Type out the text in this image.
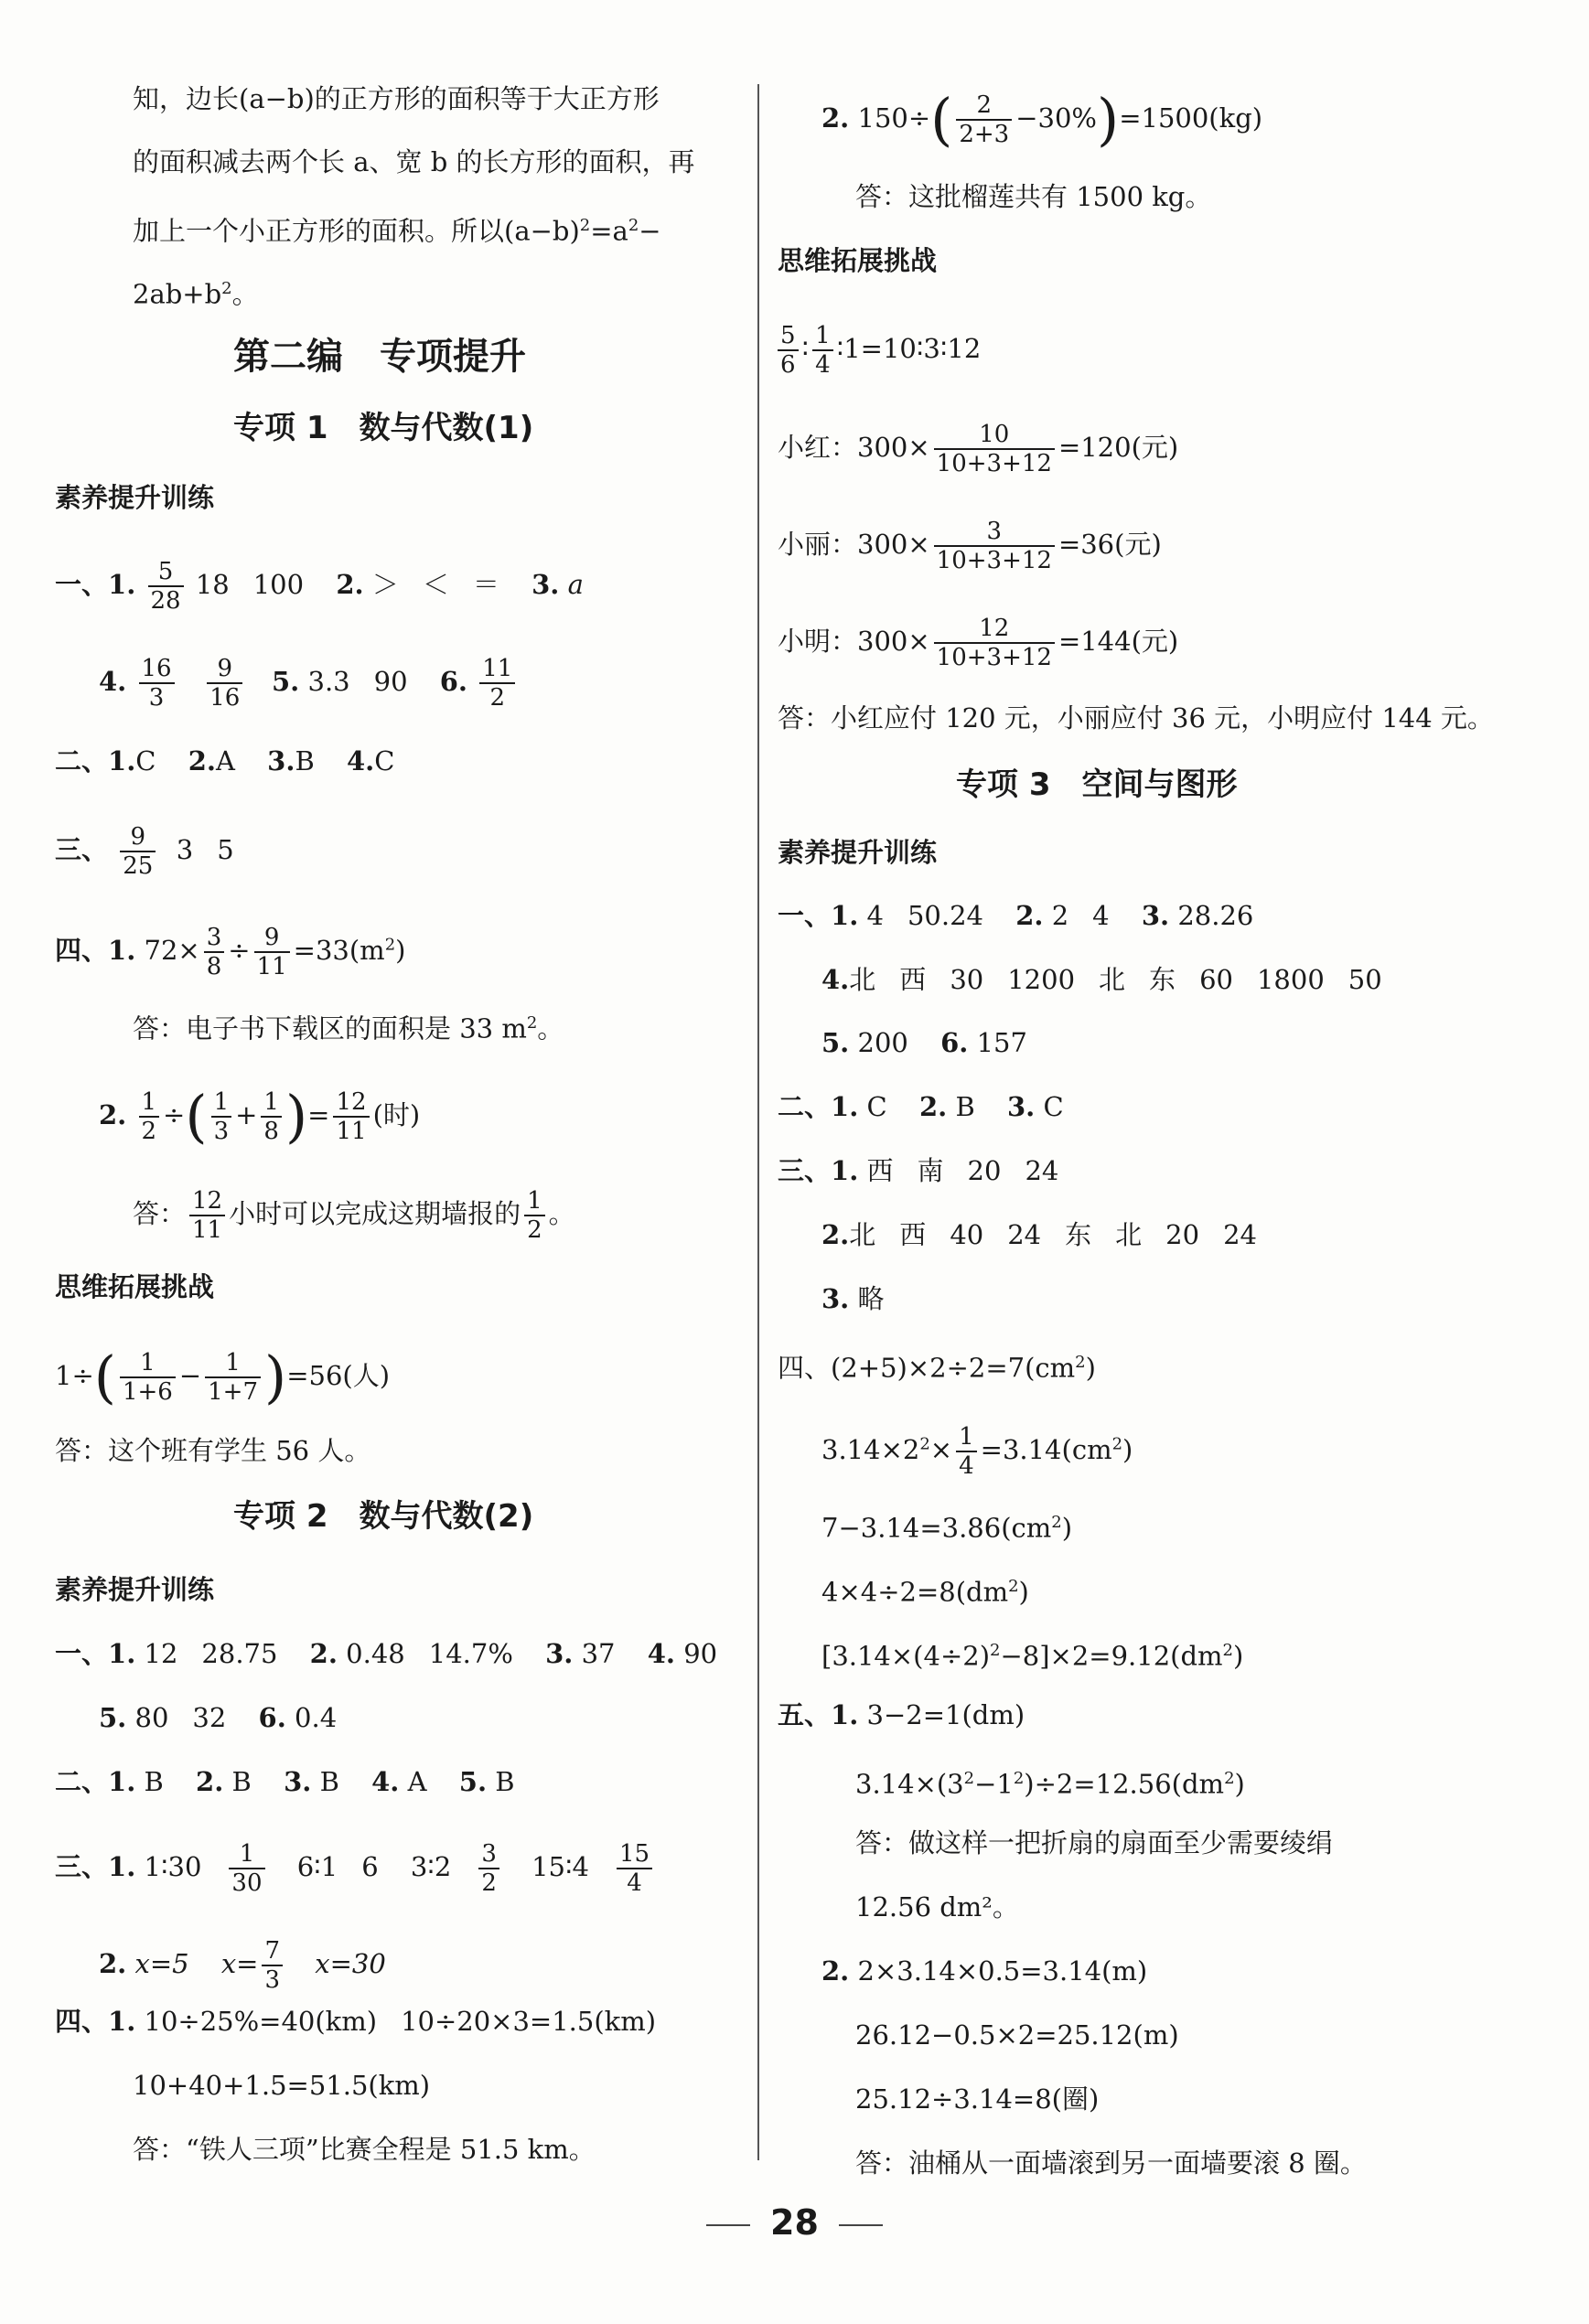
知，边长(a−b)的正方形的面积等于大正方形
的面积减去两个长 a、宽 b 的长方形的面积，再
加上一个小正方形的面积。所以$(a-b)^2=a^2-$
$2ab+b^2$。
第二编　专项提升
专项 1　数与代数(1)
素养提升训练
一、1. $\frac{5}{28} 18$ 100 2. ＞ ＜ ＝ 3. a
4. $\frac{16}{3}$
$\frac{9}{16} 5$. 3.3 90 6. $\frac{11}{2}$
二、1.C 2.A 3.B 4.C
三、 $\frac{9}{25} 3$ 5
四、1. $72\times \frac{3}{8} \div \frac{9}{11} =33(m^2)$
答：电子书下载区的面积是 33 $m^2$。
2. $\frac{1}{2}$ ÷( $\frac{1}{3} + \frac{1}{8}$ )= $\frac{12}{11}$ (时)
答： $\frac{12}{11}$ 小时可以完成这期墙报的 $\frac{1}{2}$ 。
思维拓展挑战
$1\div( \frac{1}{1+6} - \frac{1}{1+7} )=56$(人)
答：这个班有学生 56 人。
专项 2　数与代数(2)
素养提升训练
一、1. 12 28.75 2. 0.48 14.7% 3. 37 4. 90
5. 80 32 6. 0.4
二、1. B 2. B 3. B 4. A 5. B
三、1. 1∶30 $\frac{1}{30}$ 6∶1 6 3∶2 $\frac{3}{2}$ 15∶4 $\frac{15}{4}$
2. x=5 $x= \frac{7}{3} x=30$
四、1. 10÷25%=40(km) 10÷20×3=1.5(km)
10+40+1.5=51.5(km)
答：“铁人三项”比赛全程是 51.5 km。
2. $150\div( \frac{2}{2+3} -30\%)=1500(kg)$
答：这批榴莲共有 1500 kg。
思维拓展挑战
$\frac{5}{6}$ ∶ $\frac{1}{4}$ ∶1=10∶3∶12
小红：$300\times \frac{10}{10+3+12} =120$(元)
小丽：$300\times \frac{3}{10+3+12} =36$(元)
小明：$300\times \frac{12}{10+3+12} =144$(元)
答：小红应付 120 元，小丽应付 36 元，小明应付 144 元。
专项 3　空间与图形
素养提升训练
一、1. 4 50.24 2. 2 4 3. 28.26
4.北 西 30 1200 北 东 60 1800 50
5. 200 6. 157
二、1. C 2. B 3. C
三、1. 西 南 20 24
2.北 西 40 24 东 北 20 24
3. 略
四、$(2+5)\times 2\div 2=7(cm^2)$
$3.14\times 2^2\times \frac{1}{4} =3.14(cm^2)$
$7-3.14=3.86(cm^2)$
$4\times 4\div 2=8(dm^2)$
$[3.14\times(4\div 2)^2-8]\times 2=9.12(dm^2)$
五、1. 3−2=1(dm)
$3.14\times(3^2-1^2)\div 2=12.56(dm^2)$
答：做这样一把折扇的扇面至少需要绫绢
12.56 dm²。
2. 2×3.14×0.5=3.14(m)
26.12−0.5×2=25.12(m)
25.12÷3.14=8(圈)
答：油桶从一面墙滚到另一面墙要滚 8 圈。
28
